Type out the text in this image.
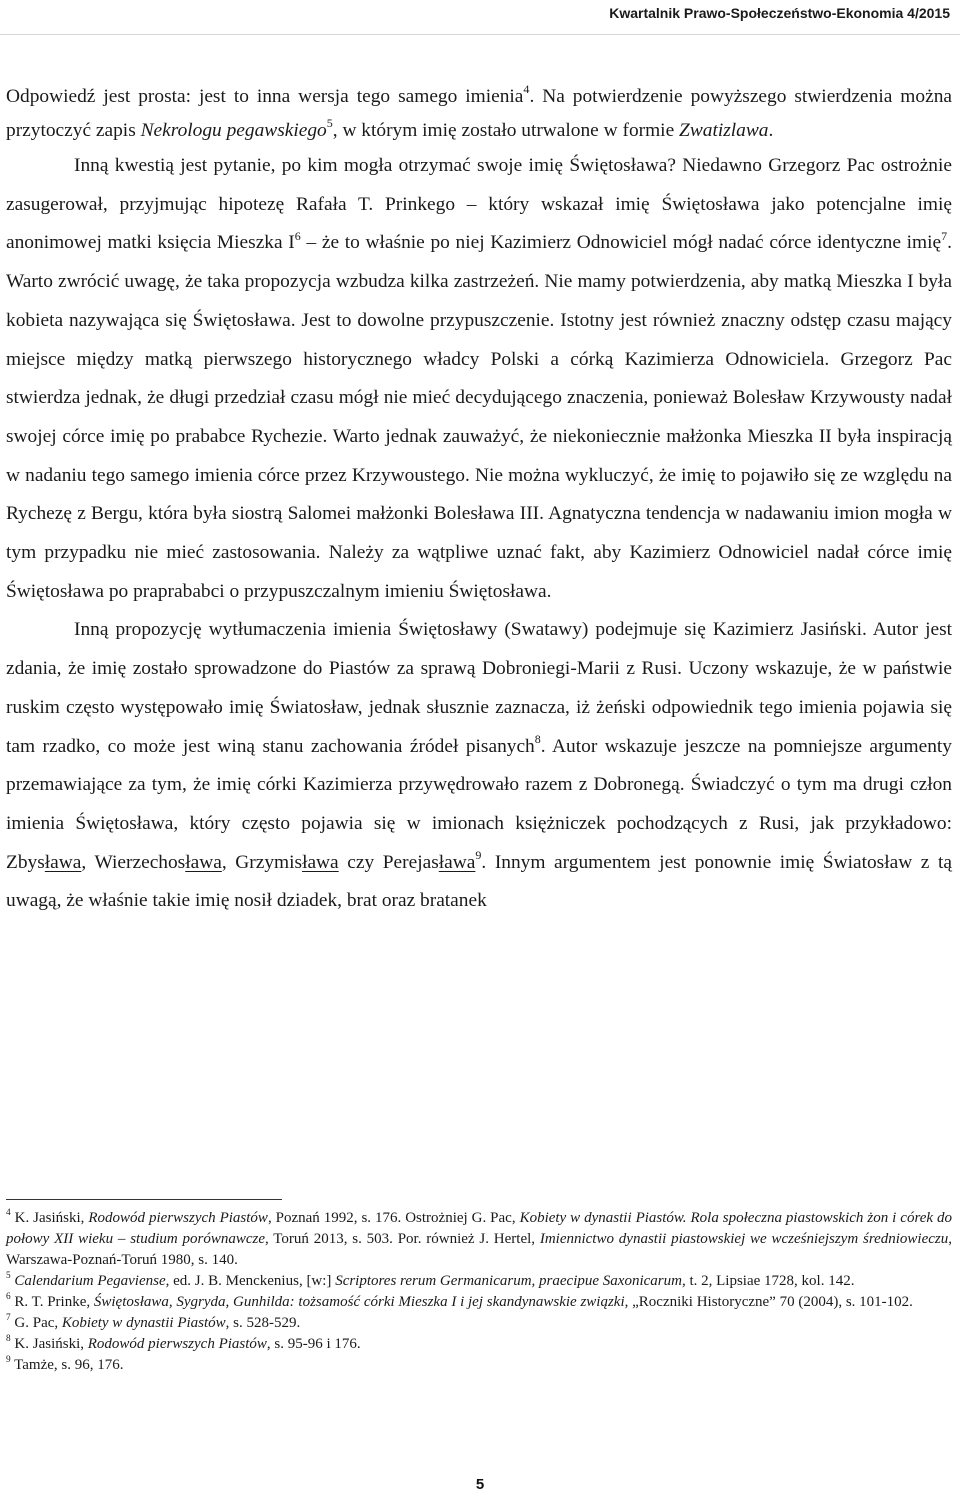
Kwartalnik Prawo-Społeczeństwo-Ekonomia 4/2015

Odpowiedź jest prosta: jest to inna wersja tego samego imienia$^4$. Na potwierdzenie powyższego stwierdzenia można przytoczyć zapis Nekrologu pegawskiego$^5$, w którym imię zostało utrwalone w formie Zwatizlawa.

Inną kwestią jest pytanie, po kim mogła otrzymać swoje imię Świętosława? Niedawno Grzegorz Pac ostrożnie zasugerował, przyjmując hipotezę Rafała T. Prinkego – który wskazał imię Świętosława jako potencjalne imię anonimowej matki księcia Mieszka $I^6$ – że to właśnie po niej Kazimierz Odnowiciel mógł nadać córce identyczne imię$^7$. Warto zwrócić uwagę, że taka propozycja wzbudza kilka zastrzeżeń. Nie mamy potwierdzenia, aby matką Mieszka I była kobieta nazywająca się Świętosława. Jest to dowolne przypuszczenie. Istotny jest również znaczny odstęp czasu mający miejsce między matką pierwszego historycznego władcy Polski a córką Kazimierza Odnowiciela. Grzegorz Pac stwierdza jednak, że długi przedział czasu mógł nie mieć decydującego znaczenia, ponieważ Bolesław Krzywousty nadał swojej córce imię po prababce Rychezie. Warto jednak zauważyć, że niekoniecznie małżonka Mieszka II była inspiracją w nadaniu tego samego imienia córce przez Krzywoustego. Nie można wykluczyć, że imię to pojawiło się ze względu na Rychezę z Bergu, która była siostrą Salomei małżonki Bolesława III. Agnatyczna tendencja w nadawaniu imion mogła w tym przypadku nie mieć zastosowania. Należy za wątpliwe uznać fakt, aby Kazimierz Odnowiciel nadał córce imię Świętosława po praprababci o przypuszczalnym imieniu Świętosława.

Inną propozycję wytłumaczenia imienia Świętosławy (Swatawy) podejmuje się Kazimierz Jasiński. Autor jest zdania, że imię zostało sprowadzone do Piastów za sprawą Dobroniegi-Marii z Rusi. Uczony wskazuje, że w państwie ruskim często występowało imię Światosław, jednak słusznie zaznacza, iż żeński odpowiednik tego imienia pojawia się tam rzadko, co może jest winą stanu zachowania źródeł pisanych$^8$. Autor wskazuje jeszcze na pomniejsze argumenty przemawiające za tym, że imię córki Kazimierza przywędrowało razem z Dobronegą. Świadczyć o tym ma drugi człon imienia Świętosława, który często pojawia się w imionach księżniczek pochodzących z Rusi, jak przykładowo: Zbysława, Wierzechosława, Grzymisława czy Perejasława$^9$. Innym argumentem jest ponownie imię Światosław z tą uwagą, że właśnie takie imię nosił dziadek, brat oraz bratanek

$^4$ K. Jasiński, Rodowód pierwszych Piastów, Poznań 1992, s. 176. Ostrożniej G. Pac, Kobiety w dynastii Piastów. Rola społeczna piastowskich żon i córek do połowy XII wieku – studium porównawcze, Toruń 2013, s. 503. Por. również J. Hertel, Imiennictwo dynastii piastowskiej we wcześniejszym średniowieczu, Warszawa-Poznań-Toruń 1980, s. 140.

$^5$ Calendarium Pegaviense, ed. J. B. Menckenius, [w:] Scriptores rerum Germanicarum, praecipue Saxonicarum, t. 2, Lipsiae 1728, kol. 142.

$^6$ R. T. Prinke, Świętosława, Sygryda, Gunhilda: tożsamość córki Mieszka I i jej skandynawskie związki, „Roczniki Historyczne” 70 (2004), s. 101-102.

$^7$ G. Pac, Kobiety w dynastii Piastów, s. 528-529.

$^8$ K. Jasiński, Rodowód pierwszych Piastów, s. 95-96 i 176.

$^9$ Tamże, s. 96, 176.

5
